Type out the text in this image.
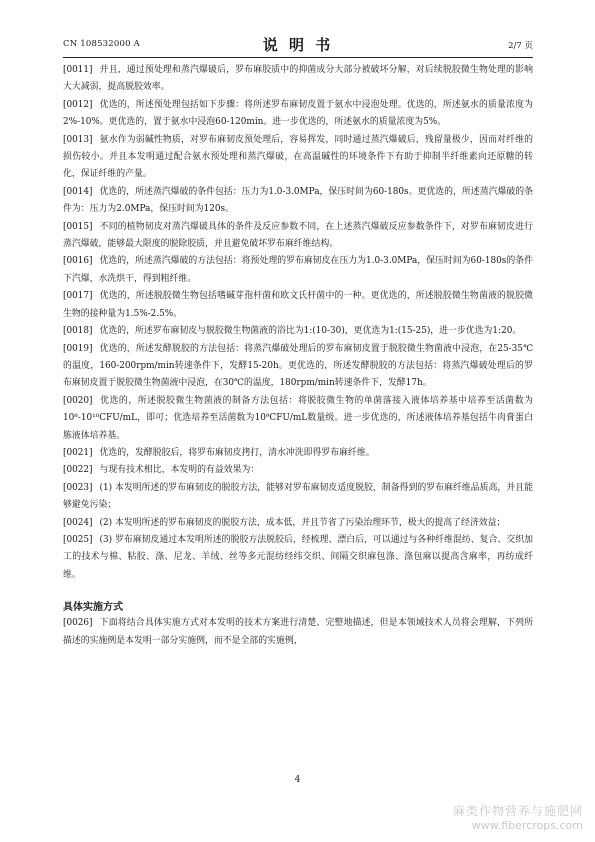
CN 108532000 A	说 明 书	2/7 页

[0011] 并且，通过预处理和蒸汽爆破后，罗布麻胶质中的抑菌成分大部分被破坏分解，对后续脱胶微生物处理的影响大大减弱，提高脱胶效率。

[0012] 优选的，所述预处理包括如下步骤：将所述罗布麻韧皮置于氨水中浸泡处理。优选的，所述氨水的质量浓度为2%-10%。更优选的，置于氨水中浸泡60-120min。进一步优选的，所述氨水的质量浓度为5%。

[0013] 氨水作为弱碱性物质，对罗布麻韧皮预处理后，容易挥发，同时通过蒸汽爆破后，残留量极少，因而对纤维的损伤较小。并且本发明通过配合氨水预处理和蒸汽爆破，在高温碱性的环境条件下有助于抑制半纤维素向还原糖的转化，保证纤维的产量。

[0014] 优选的，所述蒸汽爆破的条件包括：压力为1.0-3.0MPa，保压时间为60-180s。更优选的，所述蒸汽爆破的条件为：压力为2.0MPa，保压时间为120s。

[0015] 不同的植物韧皮对蒸汽爆破具体的条件及反应参数不同，在上述蒸汽爆破反应参数条件下，对罗布麻韧皮进行蒸汽爆破，能够最大限度的脱除胶质，并且避免破坏罗布麻纤维结构。

[0016] 优选的，所述蒸汽爆破的方法包括：将预处理的罗布麻韧皮在压力为1.0-3.0MPa，保压时间为60-180s的条件下汽爆，水洗烘干，得到粗纤维。

[0017] 优选的，所述脱胶微生物包括嗜碱芽孢杆菌和欧文氏杆菌中的一种。更优选的，所述脱胶微生物菌液的脱胶微生物的接种量为1.5%-2.5%。

[0018] 优选的，所述罗布麻韧皮与脱胶微生物菌液的浴比为1:(10-30)，更优选为1:(15-25)，进一步优选为1:20。

[0019] 优选的，所述发酵脱胶的方法包括：将蒸汽爆破处理后的罗布麻韧皮置于脱胶微生物菌液中浸泡，在25-35℃的温度，160-200rpm/min转速条件下，发酵15-20h。更优选的，所述发酵脱胶的方法包括：将蒸汽爆破处理后的罗布麻韧皮置于脱胶微生物菌液中浸泡，在30℃的温度，180rpm/min转速条件下，发酵17h。

[0020] 优选的，所述脱胶微生物菌液的制备方法包括：将脱胶微生物的单菌落接入液体培养基中培养至活菌数为10⁸-10¹⁰CFU/mL，即可；优选培养至活菌数为10⁹CFU/mL数量级。进一步优选的，所述液体培养基包括牛肉膏蛋白胨液体培养基。

[0021] 优选的，发酵脱胶后，将罗布麻韧皮拷打，清水冲洗即得罗布麻纤维。

[0022] 与现有技术相比，本发明的有益效果为：

[0023] (1) 本发明所述的罗布麻韧皮的脱胶方法，能够对罗布麻韧皮适度脱胶，制备得到的罗布麻纤维品质高，并且能够避免污染；

[0024] (2) 本发明所述的罗布麻韧皮的脱胶方法，成本低，并且节省了污染治理环节，极大的提高了经济效益；

[0025] (3) 罗布麻韧皮通过本发明所述的脱胶方法脱胶后，经梳理、漂白后，可以通过与各种纤维混纺、复合、交织加工的技术与棉、粘胶、涤、尼龙、羊绒、丝等多元混纺经纬交织、间隔交织麻包涤、涤包麻以提高含麻率，再纺成纤维。

具体实施方式

[0026] 下面将结合具体实施方式对本发明的技术方案进行清楚、完整地描述，但是本领域技术人员将会理解，下列所描述的实施例是本发明一部分实施例，而不是全部的实施例，

4
麻类作物营养与施肥网
www.fibercrops.com
